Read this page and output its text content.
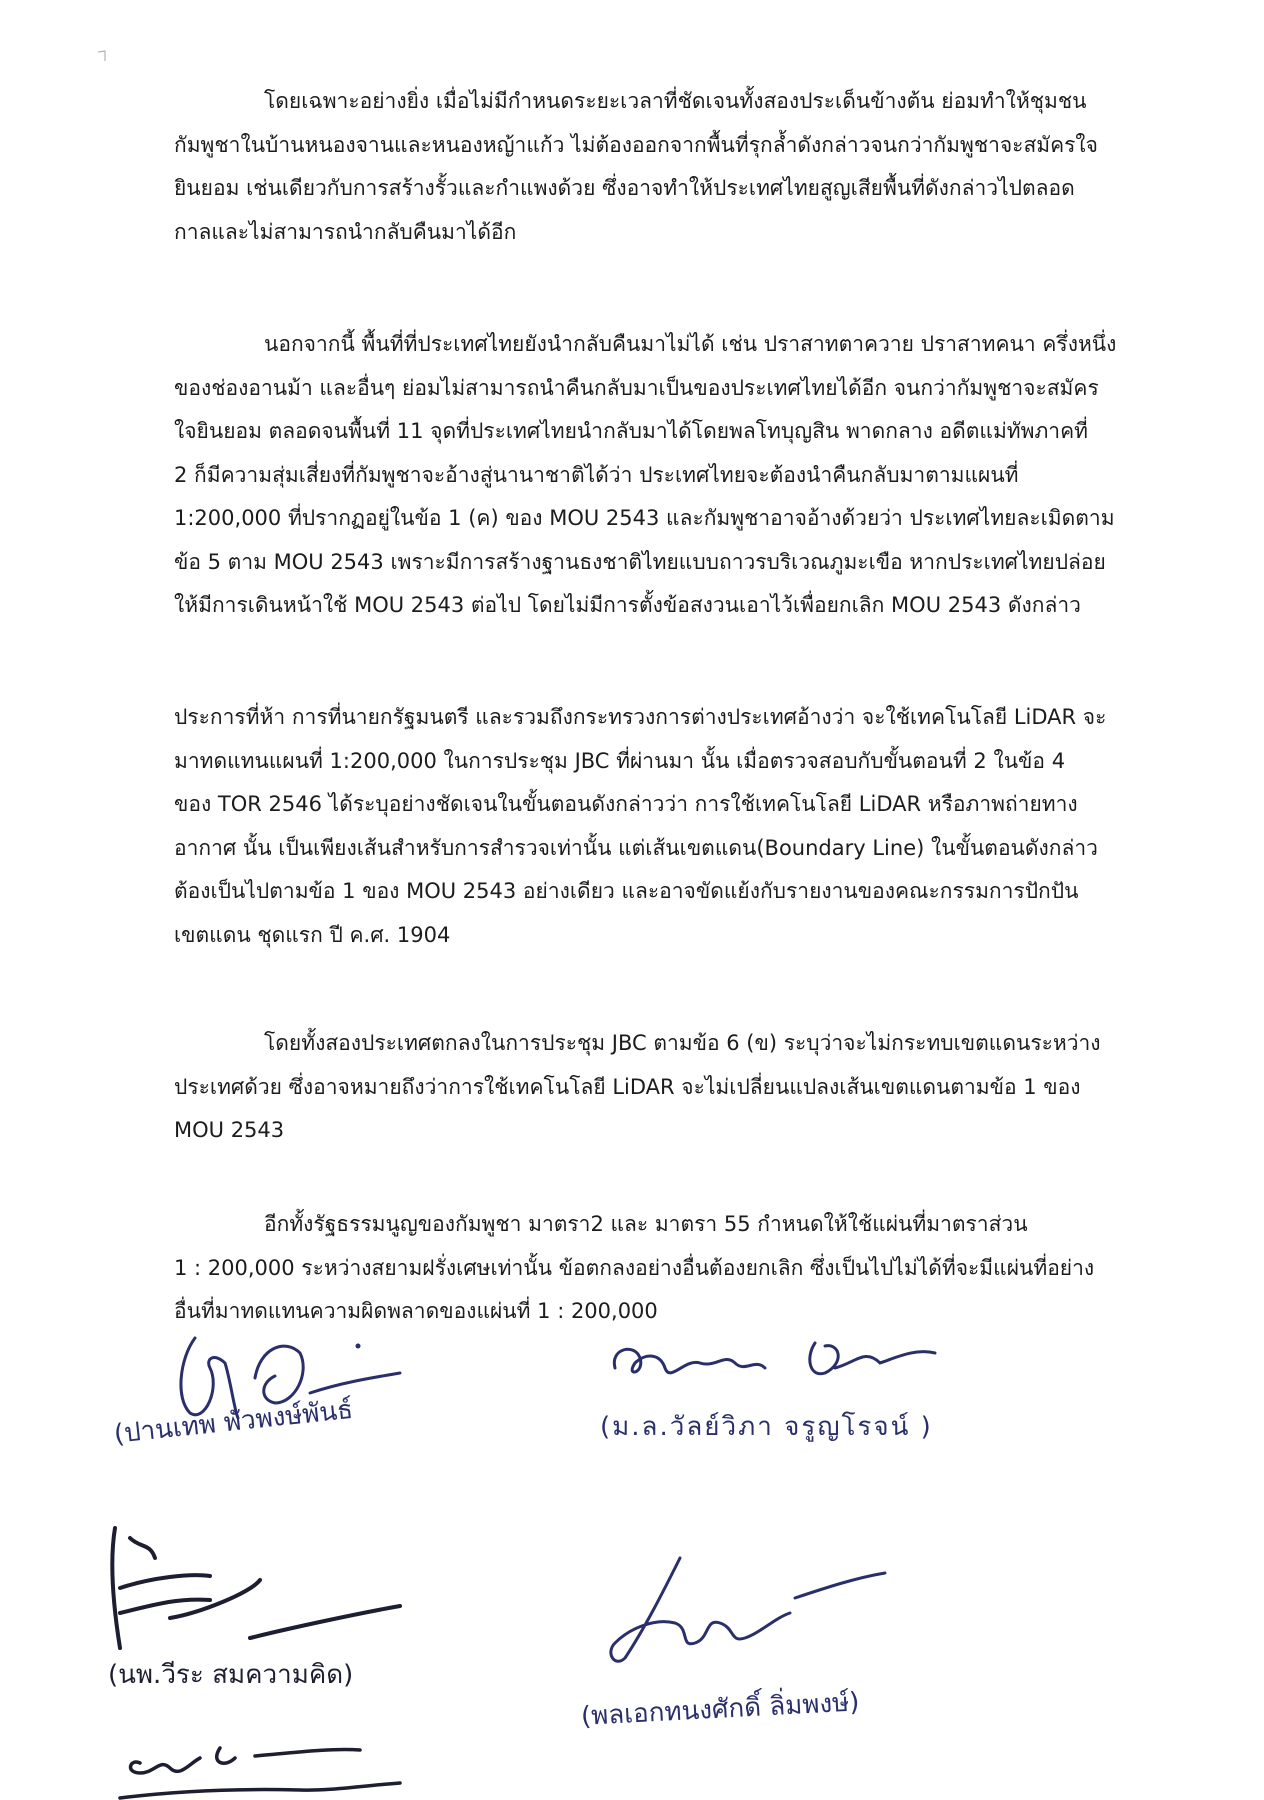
โดยเฉพาะอย่างยิ่ง เมื่อไม่มีกำหนดระยะเวลาที่ชัดเจนทั้งสองประเด็นข้างต้น ย่อมทำให้ชุมชน
กัมพูชาในบ้านหนองจานและหนองหญ้าแก้ว ไม่ต้องออกจากพื้นที่รุกล้ำดังกล่าวจนกว่ากัมพูชาจะสมัครใจ
ยินยอม เช่นเดียวกับการสร้างรั้วและกำแพงด้วย ซึ่งอาจทำให้ประเทศไทยสูญเสียพื้นที่ดังกล่าวไปตลอด
กาลและไม่สามารถนำกลับคืนมาได้อีก
นอกจากนี้ พื้นที่ที่ประเทศไทยยังนำกลับคืนมาไม่ได้ เช่น ปราสาทตาควาย ปราสาทคนา ครึ่งหนึ่ง
ของช่องอานม้า และอื่นๆ ย่อมไม่สามารถนำคืนกลับมาเป็นของประเทศไทยได้อีก จนกว่ากัมพูชาจะสมัคร
ใจยินยอม ตลอดจนพื้นที่ 11 จุดที่ประเทศไทยนำกลับมาได้โดยพลโทบุญสิน พาดกลาง อดีตแม่ทัพภาคที่
2 ก็มีความสุ่มเสี่ยงที่กัมพูชาจะอ้างสู่นานาชาติได้ว่า ประเทศไทยจะต้องนำคืนกลับมาตามแผนที่
1:200,000 ที่ปรากฏอยู่ในข้อ 1 (ค) ของ MOU 2543 และกัมพูชาอาจอ้างด้วยว่า ประเทศไทยละเมิดตาม
ข้อ 5 ตาม MOU 2543 เพราะมีการสร้างฐานธงชาติไทยแบบถาวรบริเวณภูมะเขือ หากประเทศไทยปล่อย
ให้มีการเดินหน้าใช้ MOU 2543 ต่อไป โดยไม่มีการตั้งข้อสงวนเอาไว้เพื่อยกเลิก MOU 2543 ดังกล่าว
ประการที่ห้า การที่นายกรัฐมนตรี และรวมถึงกระทรวงการต่างประเทศอ้างว่า จะใช้เทคโนโลยี LiDAR จะ
มาทดแทนแผนที่ 1:200,000 ในการประชุม JBC ที่ผ่านมา นั้น เมื่อตรวจสอบกับขั้นตอนที่ 2 ในข้อ 4
ของ TOR 2546 ได้ระบุอย่างชัดเจนในขั้นตอนดังกล่าวว่า การใช้เทคโนโลยี LiDAR หรือภาพถ่ายทาง
อากาศ นั้น เป็นเพียงเส้นสำหรับการสำรวจเท่านั้น แต่เส้นเขตแดน(Boundary Line) ในขั้นตอนดังกล่าว
ต้องเป็นไปตามข้อ 1 ของ MOU 2543 อย่างเดียว และอาจขัดแย้งกับรายงานของคณะกรรมการปักปัน
เขตแดน ชุดแรก ปี ค.ศ. 1904
โดยทั้งสองประเทศตกลงในการประชุม JBC ตามข้อ 6 (ข) ระบุว่าจะไม่กระทบเขตแดนระหว่าง
ประเทศด้วย ซึ่งอาจหมายถึงว่าการใช้เทคโนโลยี LiDAR จะไม่เปลี่ยนแปลงเส้นเขตแดนตามข้อ 1 ของ
MOU 2543
อีกทั้งรัฐธรรมนูญของกัมพูชา มาตรา2 และ มาตรา 55 กำหนดให้ใช้แผ่นที่มาตราส่วน
1 : 200,000 ระหว่างสยามฝรั่งเศษเท่านั้น ข้อตกลงอย่างอื่นต้องยกเลิก ซึ่งเป็นไปไม่ได้ที่จะมีแผ่นที่อย่าง
อื่นที่มาทดแทนความผิดพลาดของแผ่นที่ 1 : 200,000
(ปานเทพ พัวพงษ์พันธ์	(ม.ล.วัลย์วิภา จรูญโรจน์ )
(นพ.วีระ สมความคิด)
(พลเอกทนงศักดิ์ ลิ่มพงษ์)
